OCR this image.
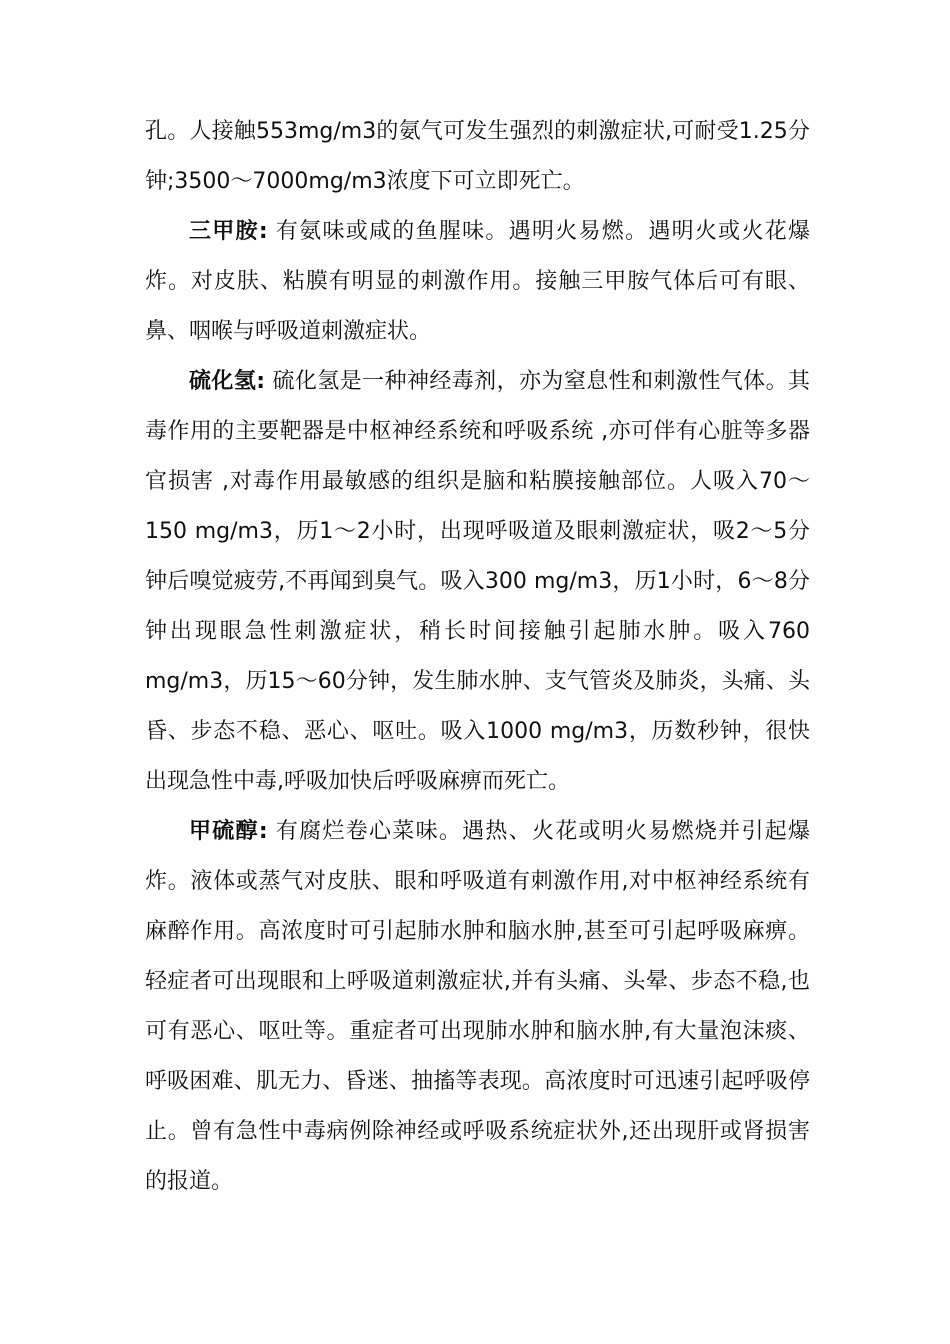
孔。人接触553mg/m3的氨气可发生强烈的刺激症状,可耐受1.25分钟;3500～7000mg/m3浓度下可立即死亡。

三甲胺: 有氨味或咸的鱼腥味。遇明火易燃。遇明火或火花爆炸。对皮肤、粘膜有明显的刺激作用。接触三甲胺气体后可有眼、鼻、咽喉与呼吸道刺激症状。

硫化氢: 硫化氢是一种神经毒剂，亦为窒息性和刺激性气体。其毒作用的主要靶器是中枢神经系统和呼吸系统 ,亦可伴有心脏等多器官损害 ,对毒作用最敏感的组织是脑和粘膜接触部位。人吸入70～150 mg/m3，历1～2小时，出现呼吸道及眼刺激症状，吸2～5分钟后嗅觉疲劳,不再闻到臭气。吸入300 mg/m3，历1小时，6～8分钟出现眼急性刺激症状，稍长时间接触引起肺水肿。吸入760 mg/m3，历15～60分钟，发生肺水肿、支气管炎及肺炎，头痛、头昏、步态不稳、恶心、呕吐。吸入1000 mg/m3，历数秒钟，很快出现急性中毒,呼吸加快后呼吸麻痹而死亡。

甲硫醇: 有腐烂卷心菜味。遇热、火花或明火易燃烧并引起爆炸。液体或蒸气对皮肤、眼和呼吸道有刺激作用,对中枢神经系统有麻醉作用。高浓度时可引起肺水肿和脑水肿,甚至可引起呼吸麻痹。轻症者可出现眼和上呼吸道刺激症状,并有头痛、头晕、步态不稳,也可有恶心、呕吐等。重症者可出现肺水肿和脑水肿,有大量泡沫痰、呼吸困难、肌无力、昏迷、抽搐等表现。高浓度时可迅速引起呼吸停止。曾有急性中毒病例除神经或呼吸系统症状外,还出现肝或肾损害的报道。
